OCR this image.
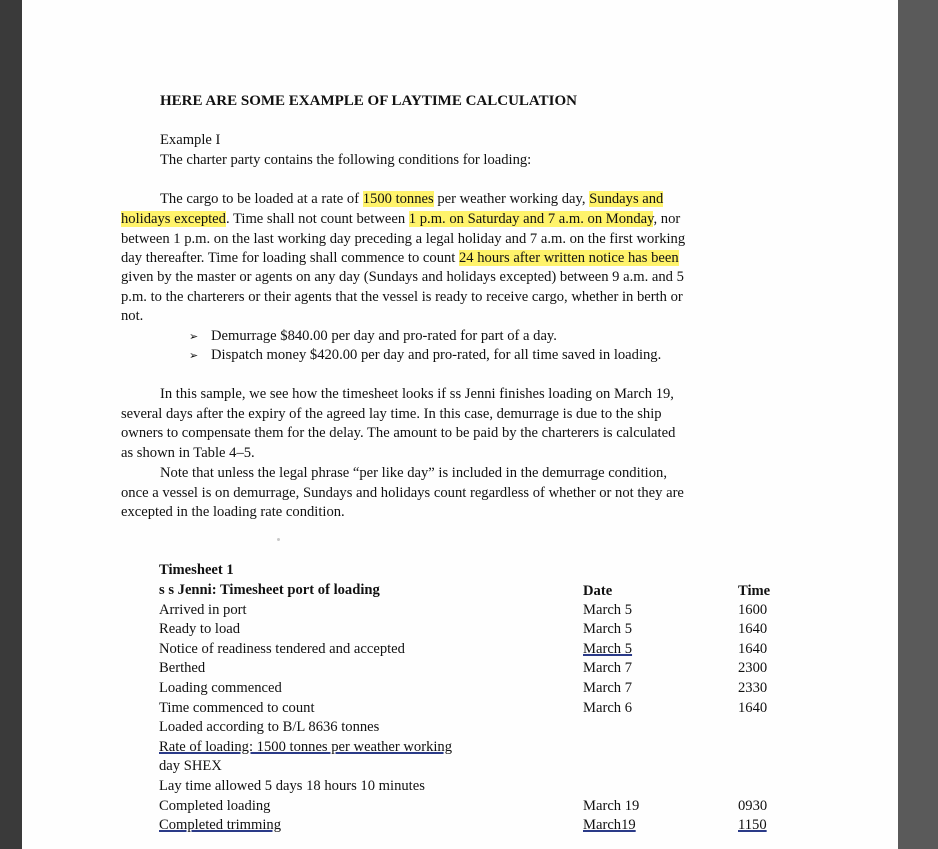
HERE ARE SOME EXAMPLE OF LAYTIME CALCULATION
Example I
The charter party contains the following conditions for loading:
The cargo to be loaded at a rate of 1500 tonnes per weather working day, Sundays and
holidays excepted. Time shall not count between 1 p.m. on Saturday and 7 a.m. on Monday, nor
between 1 p.m. on the last working day preceding a legal holiday and 7 a.m. on the first working
day thereafter. Time for loading shall commence to count 24 hours after written notice has been
given by the master or agents on any day (Sundays and holidays excepted) between 9 a.m. and 5
p.m. to the charterers or their agents that the vessel is ready to receive cargo, whether in berth or
not.
➢ Demurrage $840.00 per day and pro-rated for part of a day.
➢ Dispatch money $420.00 per day and pro-rated, for all time saved in loading.
In this sample, we see how the timesheet looks if ss Jenni finishes loading on March 19,
several days after the expiry of the agreed lay time. In this case, demurrage is due to the ship
owners to compensate them for the delay. The amount to be paid by the charterers is calculated
as shown in Table 4–5.
Note that unless the legal phrase “per like day” is included in the demurrage condition,
once a vessel is on demurrage, Sundays and holidays count regardless of whether or not they are
excepted in the loading rate condition.
Timesheet 1
s s Jenni: Timesheet port of loading	Date	Time
Arrived in port	March 5	1600
Ready to load	March 5	1640
Notice of readiness tendered and accepted	March 5	1640
Berthed	March 7	2300
Loading commenced	March 7	2330
Time commenced to count	March 6	1640
Loaded according to B/L 8636 tonnes
Rate of loading: 1500 tonnes per weather working
day SHEX
Lay time allowed 5 days 18 hours 10 minutes
Completed loading	March 19	0930
Completed trimming	March19	1150
